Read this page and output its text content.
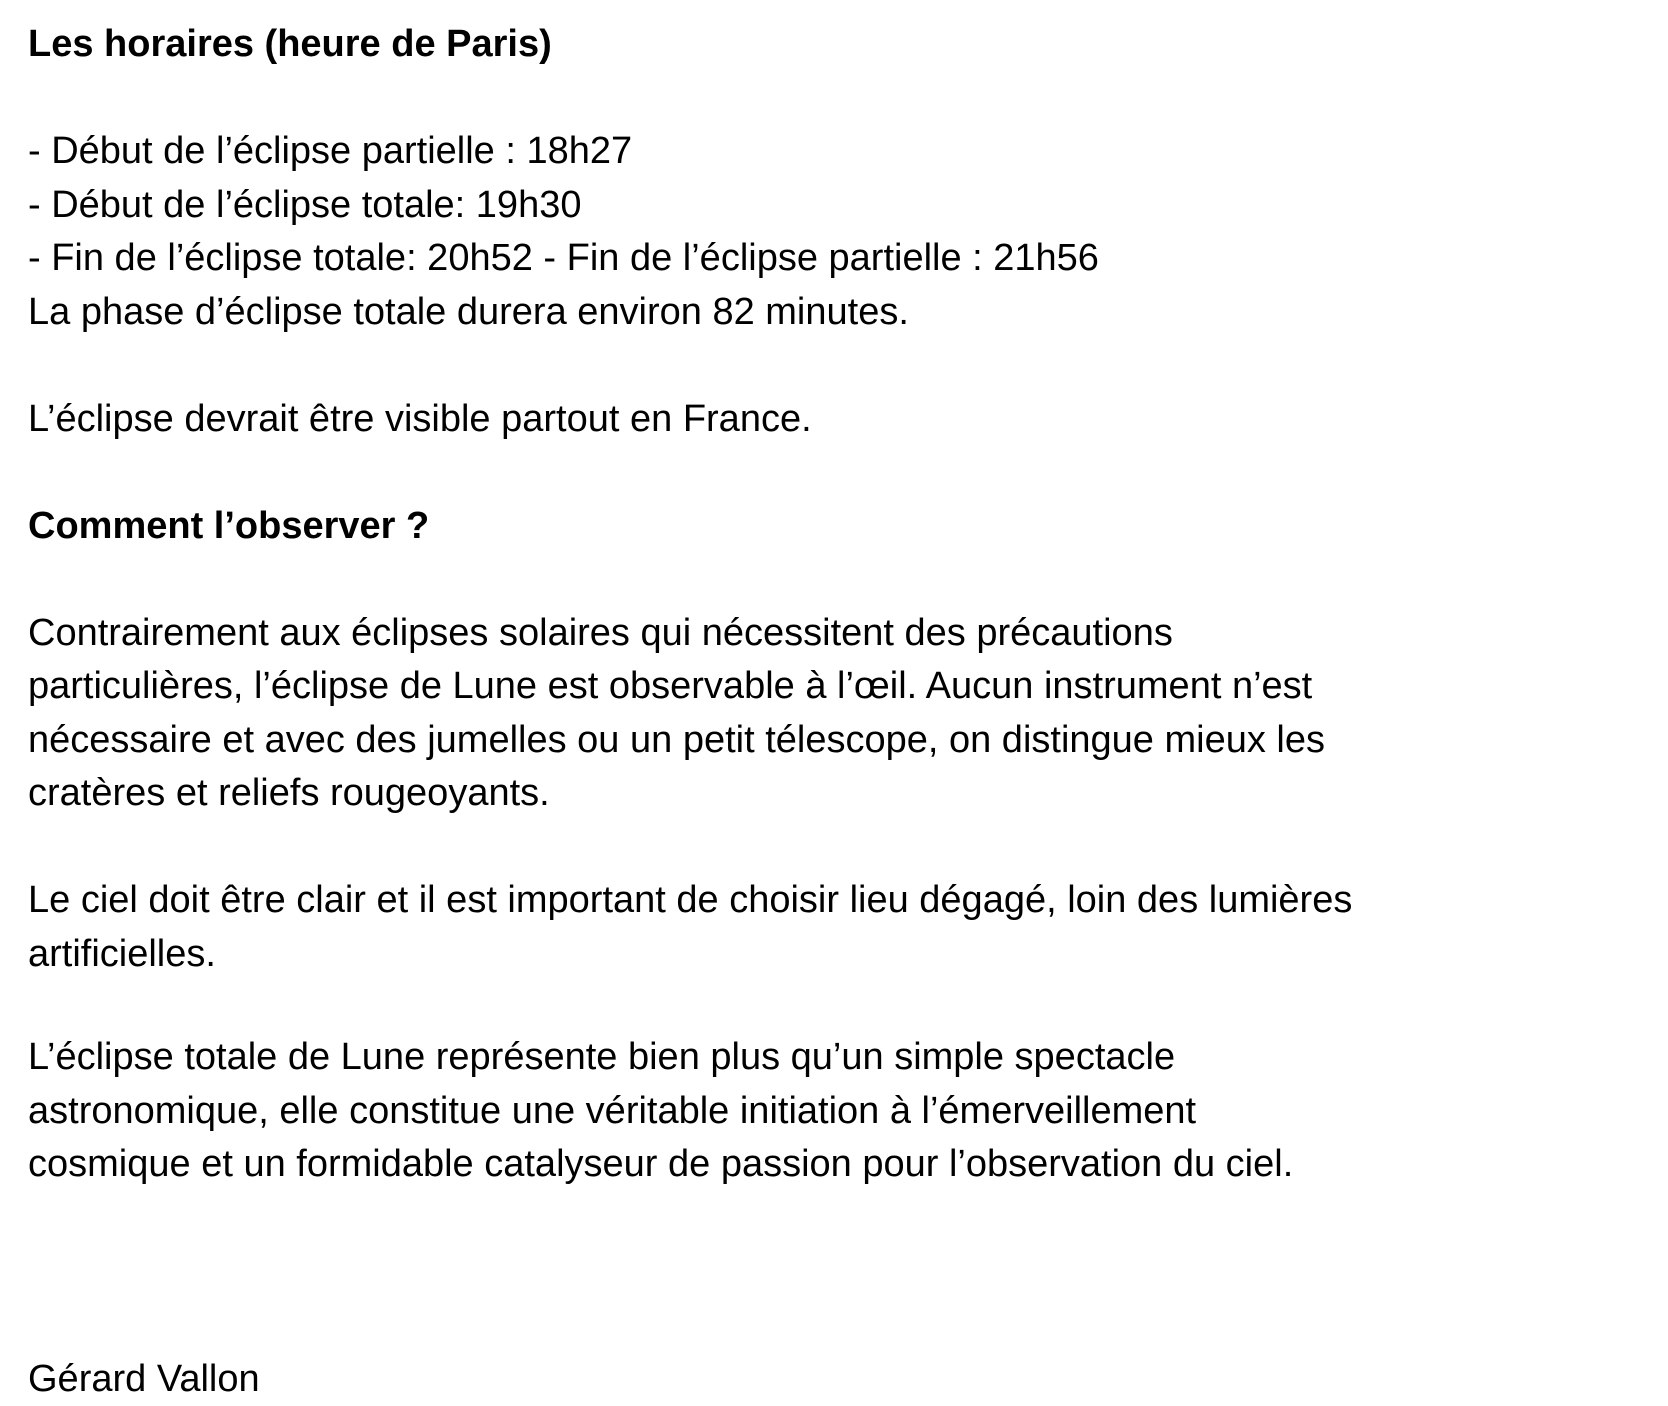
Les horaires (heure de Paris)
- Début de l’éclipse partielle : 18h27
- Début de l’éclipse totale: 19h30
- Fin de l’éclipse totale: 20h52 - Fin de l’éclipse partielle : 21h56
La phase d’éclipse totale durera environ 82 minutes.
L’éclipse devrait être visible partout en France.
Comment l’observer ?
Contrairement aux éclipses solaires qui nécessitent des précautions
particulières, l’éclipse de Lune est observable à l’œil. Aucun instrument n’est
nécessaire et avec des jumelles ou un petit télescope, on distingue mieux les
cratères et reliefs rougeoyants.
Le ciel doit être clair et il est important de choisir lieu dégagé, loin des lumières
artificielles.
L’éclipse totale de Lune représente bien plus qu’un simple spectacle
astronomique, elle constitue une véritable initiation à l’émerveillement
cosmique et un formidable catalyseur de passion pour l’observation du ciel.
Gérard Vallon
